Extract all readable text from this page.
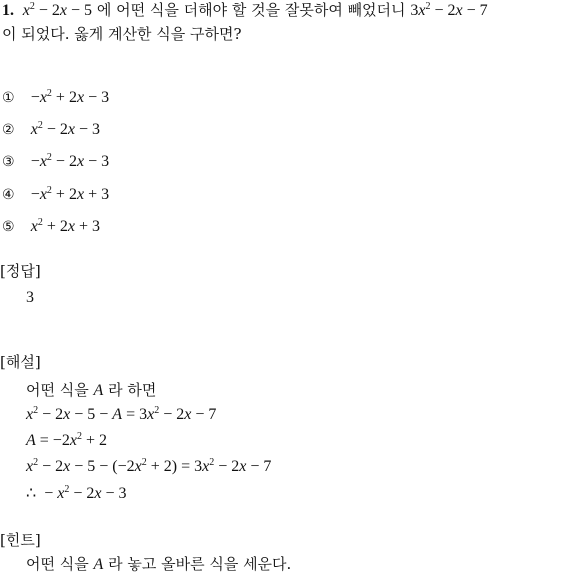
1. $x^2 - 2x - 5$ 에 어떤 식을 더해야 할 것을 잘못하여 빼었더니 $3x^2 - 2x - 7$
이 되었다. 옳게 계산한 식을 구하면?
① $-x^2 + 2x - 3$
② $x^2 - 2x - 3$
③ $-x^2 - 2x - 3$
④ $-x^2 + 2x + 3$
⑤ $x^2 + 2x + 3$
[정답]
3
[해설]
어떤 식을 A 라 하면
$x^2 - 2x - 5 - A = 3x^2 - 2x - 7$
$A = -2x^2 + 2$
$x^2 - 2x - 5 - (-2x^2 + 2) = 3x^2 - 2x - 7$
∴  − $x^2 - 2x - 3$
[힌트]
어떤 식을 A 라 놓고 올바른 식을 세운다.
